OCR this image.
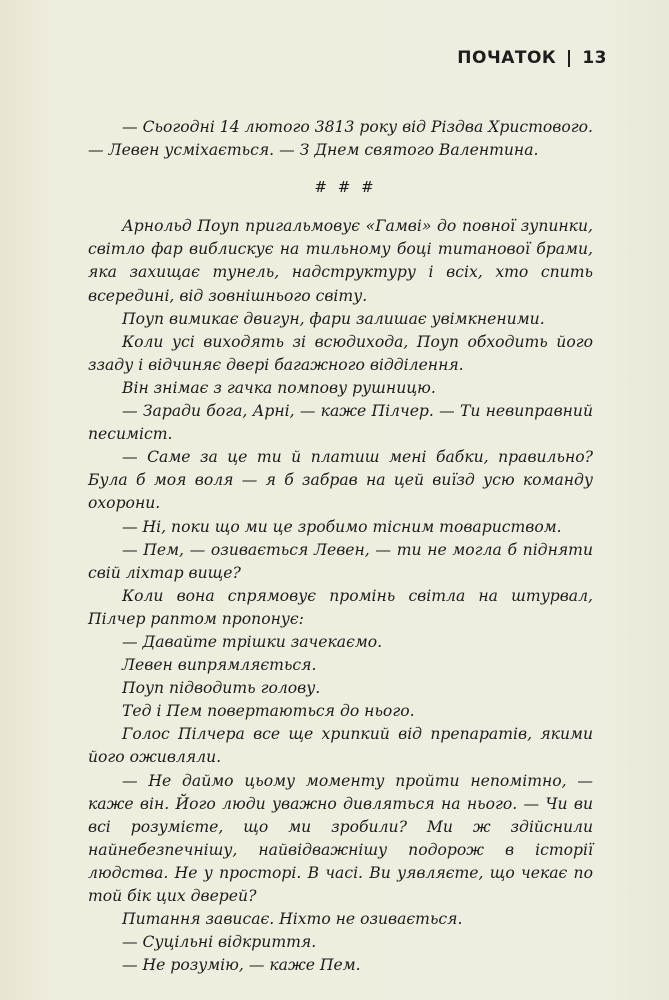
ПОЧАТОК 13

— Сьогодні 14 лютого 3813 року від Різдва Христового. — Левен усміхається. — З Днем святого Валентина.

# # #

Арнольд Поуп пригальмовує «Гамві» до повної зупинки, світло фар виблискує на тильному боці титанової брами, яка захищає тунель, надструктуру і всіх, хто спить всередині, від зовнішнього світу.

Поуп вимикає двигун, фари залишає увімкненими.

Коли усі виходять зі всюдихода, Поуп обходить його ззаду і відчиняє двері багажного відділення.

Він знімає з гачка помпову рушницю.

— Заради бога, Арні, — каже Пілчер. — Ти невиправний песиміст.

— Саме за це ти й платиш мені бабки, правильно? Була б моя воля — я б забрав на цей виїзд усю команду охорони.

— Ні, поки що ми це зробимо тісним товариством.

— Пем, — озивається Левен, — ти не могла б підняти свій ліхтар вище?

Коли вона спрямовує промінь світла на штурвал, Пілчер раптом пропонує:

— Давайте трішки зачекаємо.

Левен випрямляється.

Поуп підводить голову.

Тед і Пем повертаються до нього.

Голос Пілчера все ще хрипкий від препаратів, якими його оживляли.

— Не даймо цьому моменту пройти непомітно, — каже він. Його люди уважно дивляться на нього. — Чи ви всі розумієте, що ми зробили? Ми ж здійснили найнебезпечнішу, найвідважнішу подорож в історії людства. Не у просторі. В часі. Ви уявляєте, що чекає по той бік цих дверей?

Питання зависає. Ніхто не озивається.

— Суцільні відкриття.

— Не розумію, — каже Пем.
